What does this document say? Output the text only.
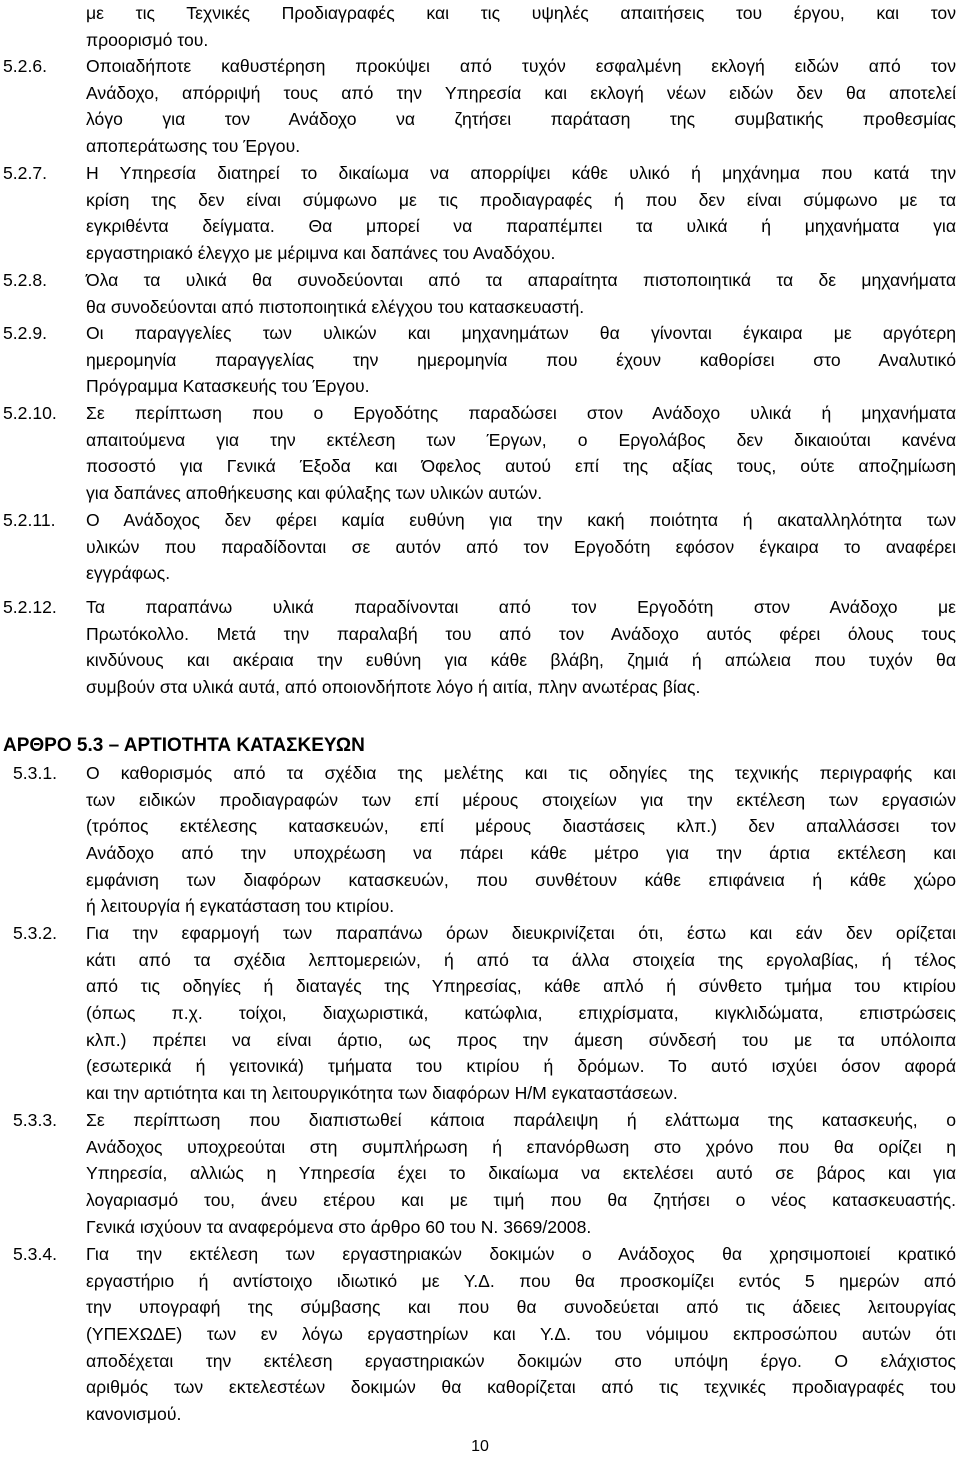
με τις Τεχνικές Προδιαγραφές και τις υψηλές απαιτήσεις του έργου, και τον
προορισμό του.
5.2.6. Οποιαδήποτε καθυστέρηση προκύψει από τυχόν εσφαλμένη εκλογή ειδών από τον
Ανάδοχο, απόρριψή τους από την Υπηρεσία και εκλογή νέων ειδών δεν θα αποτελεί
λόγο για τον Ανάδοχο να ζητήσει παράταση της συμβατικής προθεσμίας
αποπεράτωσης του Έργου.
5.2.7. Η Υπηρεσία διατηρεί το δικαίωμα να απορρίψει κάθε υλικό ή μηχάνημα που κατά την
κρίση της δεν είναι σύμφωνο με τις προδιαγραφές ή που δεν είναι σύμφωνο με τα
εγκριθέντα δείγματα. Θα μπορεί να παραπέμπει τα υλικά ή μηχανήματα για
εργαστηριακό έλεγχο με μέριμνα και δαπάνες του Αναδόχου.
5.2.8. Όλα τα υλικά θα συνοδεύονται από τα απαραίτητα πιστοποιητικά τα δε μηχανήματα
θα συνοδεύονται από πιστοποιητικά ελέγχου του κατασκευαστή.
5.2.9. Οι παραγγελίες των υλικών και μηχανημάτων θα γίνονται έγκαιρα με αργότερη
ημερομηνία παραγγελίας την ημερομηνία που έχουν καθορίσει στο Αναλυτικό
Πρόγραμμα Κατασκευής του Έργου.
5.2.10. Σε περίπτωση που ο Εργοδότης παραδώσει στον Ανάδοχο υλικά ή μηχανήματα
απαιτούμενα για την εκτέλεση των Έργων, ο Εργολάβος δεν δικαιούται κανένα
ποσοστό για Γενικά Έξοδα και Όφελος αυτού επί της αξίας τους, ούτε αποζημίωση
για δαπάνες αποθήκευσης και φύλαξης των υλικών αυτών.
5.2.11. Ο Ανάδοχος δεν φέρει καμία ευθύνη για την κακή ποιότητα ή ακαταλληλότητα των
υλικών που παραδίδονται σε αυτόν από τον Εργοδότη εφόσον έγκαιρα το αναφέρει
εγγράφως.
5.2.12. Τα παραπάνω υλικά παραδίνονται από τον Εργοδότη στον Ανάδοχο με
Πρωτόκολλο. Μετά την παραλαβή του από τον Ανάδοχο αυτός φέρει όλους τους
κινδύνους και ακέραια την ευθύνη για κάθε βλάβη, ζημιά ή απώλεια που τυχόν θα
συμβούν στα υλικά αυτά, από οποιονδήποτε λόγο ή αιτία, πλην ανωτέρας βίας.
ΑΡΘΡΟ 5.3 – ΑΡΤΙΟΤΗΤΑ ΚΑΤΑΣΚΕΥΩΝ
5.3.1. Ο καθορισμός από τα σχέδια της μελέτης και τις οδηγίες της τεχνικής περιγραφής και
των ειδικών προδιαγραφών των επί μέρους στοιχείων για την εκτέλεση των εργασιών
(τρόπος εκτέλεσης κατασκευών, επί μέρους διαστάσεις κλπ.) δεν απαλλάσσει τον
Ανάδοχο από την υποχρέωση να πάρει κάθε μέτρο για την άρτια εκτέλεση και
εμφάνιση των διαφόρων κατασκευών, που συνθέτουν κάθε επιφάνεια ή κάθε χώρο
ή λειτουργία ή εγκατάσταση του κτιρίου.
5.3.2. Για την εφαρμογή των παραπάνω όρων διευκρινίζεται ότι, έστω και εάν δεν ορίζεται
κάτι από τα σχέδια λεπτομερειών, ή από τα άλλα στοιχεία της εργολαβίας, ή τέλος
από τις οδηγίες ή διαταγές της Υπηρεσίας, κάθε απλό ή σύνθετο τμήμα του κτιρίου
(όπως π.χ. τοίχοι, διαχωριστικά, κατώφλια, επιχρίσματα, κιγκλιδώματα, επιστρώσεις
κλπ.) πρέπει να είναι άρτιο, ως προς την άμεση σύνδεσή του με τα υπόλοιπα
(εσωτερικά ή γειτονικά) τμήματα του κτιρίου ή δρόμων. Το αυτό ισχύει όσον αφορά
και την αρτιότητα και τη λειτουργικότητα των διαφόρων Η/Μ εγκαταστάσεων.
5.3.3. Σε περίπτωση που διαπιστωθεί κάποια παράλειψη ή ελάττωμα της κατασκευής, ο
Ανάδοχος υποχρεούται στη συμπλήρωση ή επανόρθωση στο χρόνο που θα ορίζει η
Υπηρεσία, αλλιώς η Υπηρεσία έχει το δικαίωμα να εκτελέσει αυτό σε βάρος και για
λογαριασμό του, άνευ ετέρου και με τιμή που θα ζητήσει ο νέος κατασκευαστής.
Γενικά ισχύουν τα αναφερόμενα στο άρθρο 60 του Ν. 3669/2008.
5.3.4. Για την εκτέλεση των εργαστηριακών δοκιμών ο Ανάδοχος θα χρησιμοποιεί κρατικό
εργαστήριο ή αντίστοιχο ιδιωτικό με Υ.Δ. που θα προσκομίζει εντός 5 ημερών από
την υπογραφή της σύμβασης και που θα συνοδεύεται από τις άδειες λειτουργίας
(ΥΠΕΧΩΔΕ) των εν λόγω εργαστηρίων και Υ.Δ. του νόμιμου εκπροσώπου αυτών ότι
αποδέχεται την εκτέλεση εργαστηριακών δοκιμών στο υπόψη έργο. Ο ελάχιστος
αριθμός των εκτελεστέων δοκιμών θα καθορίζεται από τις τεχνικές προδιαγραφές του
κανονισμού.
10
